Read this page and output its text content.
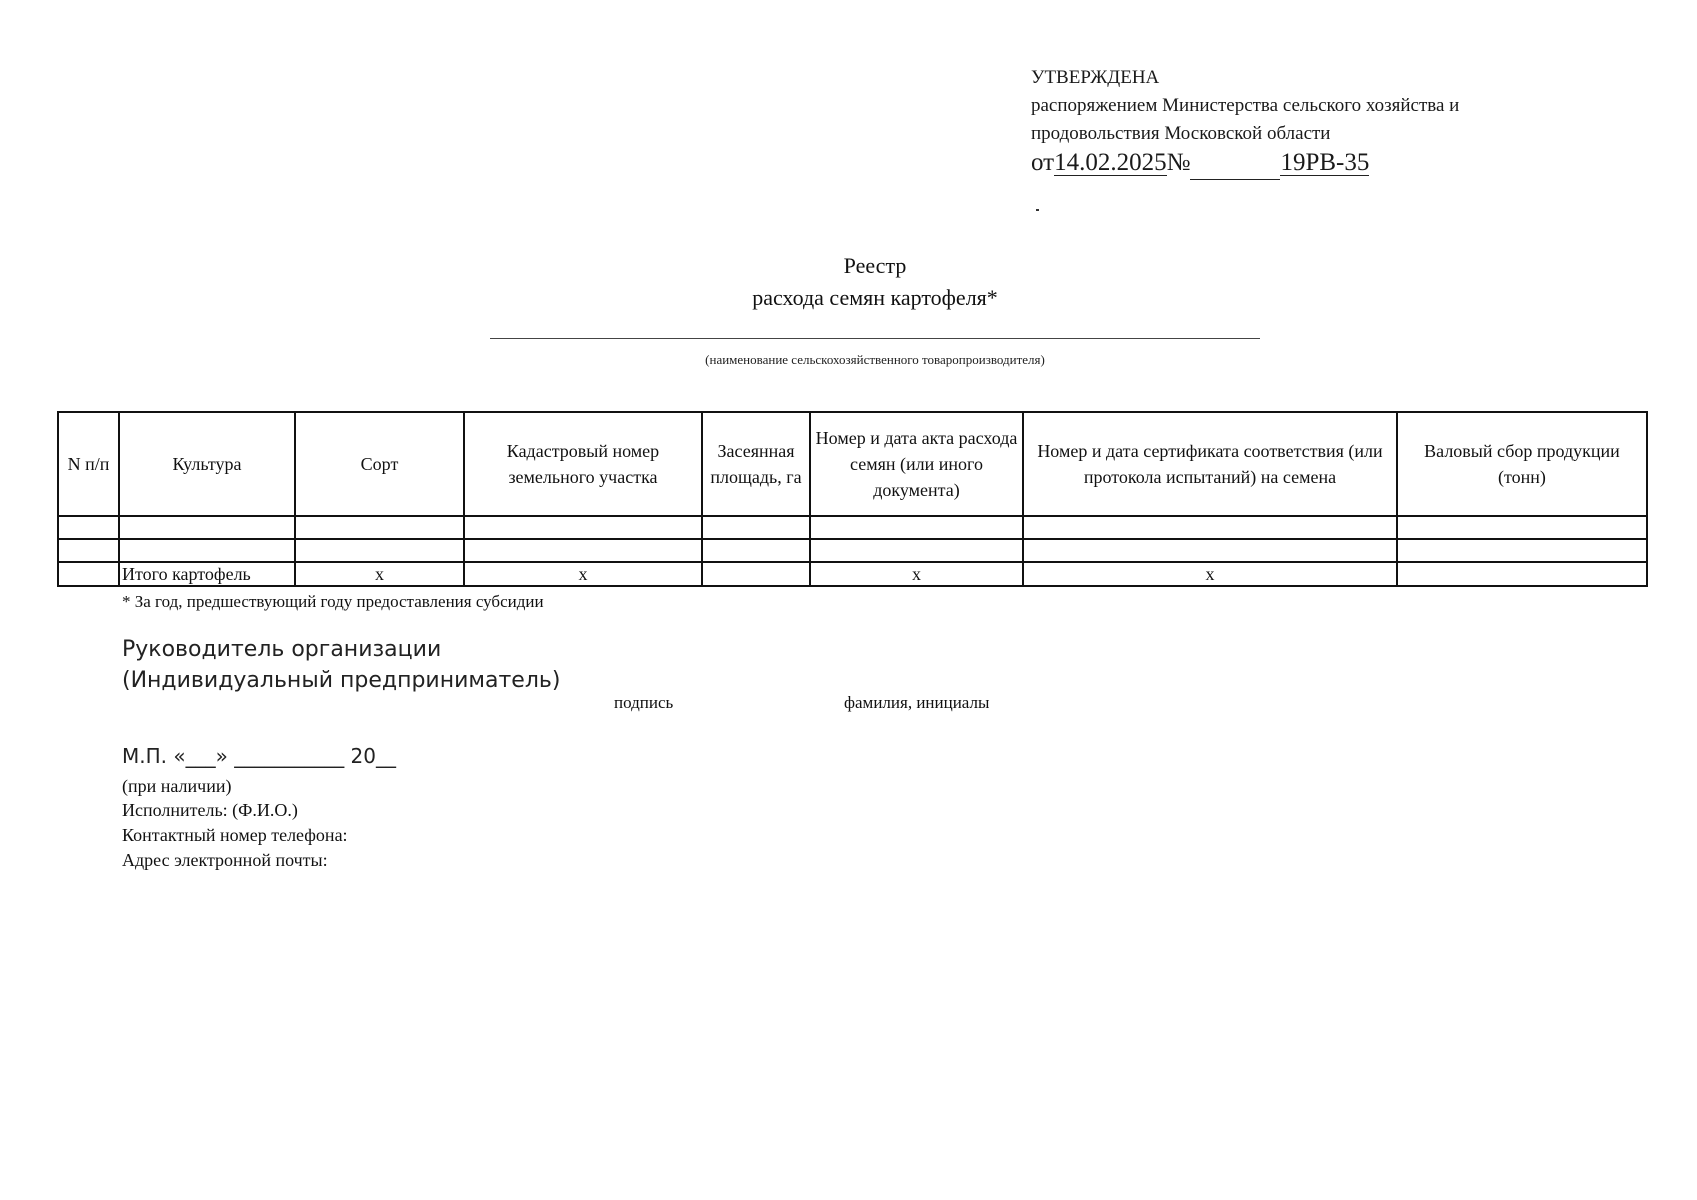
УТВЕРЖДЕНА
распоряжением Министерства сельского хозяйства и
продовольствия Московской области
от14.02.2025№	19РВ-35
Реестр
расхода семян картофеля*
(наименование сельскохозяйственного товаропроизводителя)
N п/п	Культура	Сорт	Кадастровый номер земельного участка	Засеянная площадь, га	Номер и дата акта расхода семян (или иного документа)	Номер и дата сертификата соответствия (или протокола испытаний) на семена	Валовый сбор продукции (тонн)

	Итого картофель	x	x		x	x	
* За год, предшествующий году предоставления субсидии
Руководитель организации
(Индивидуальный предприниматель)
подпись	фамилия, инициалы
М.П. «___» ___________ 20__
(при наличии)
Исполнитель: (Ф.И.О.)
Контактный номер телефона:
Адрес электронной почты:
